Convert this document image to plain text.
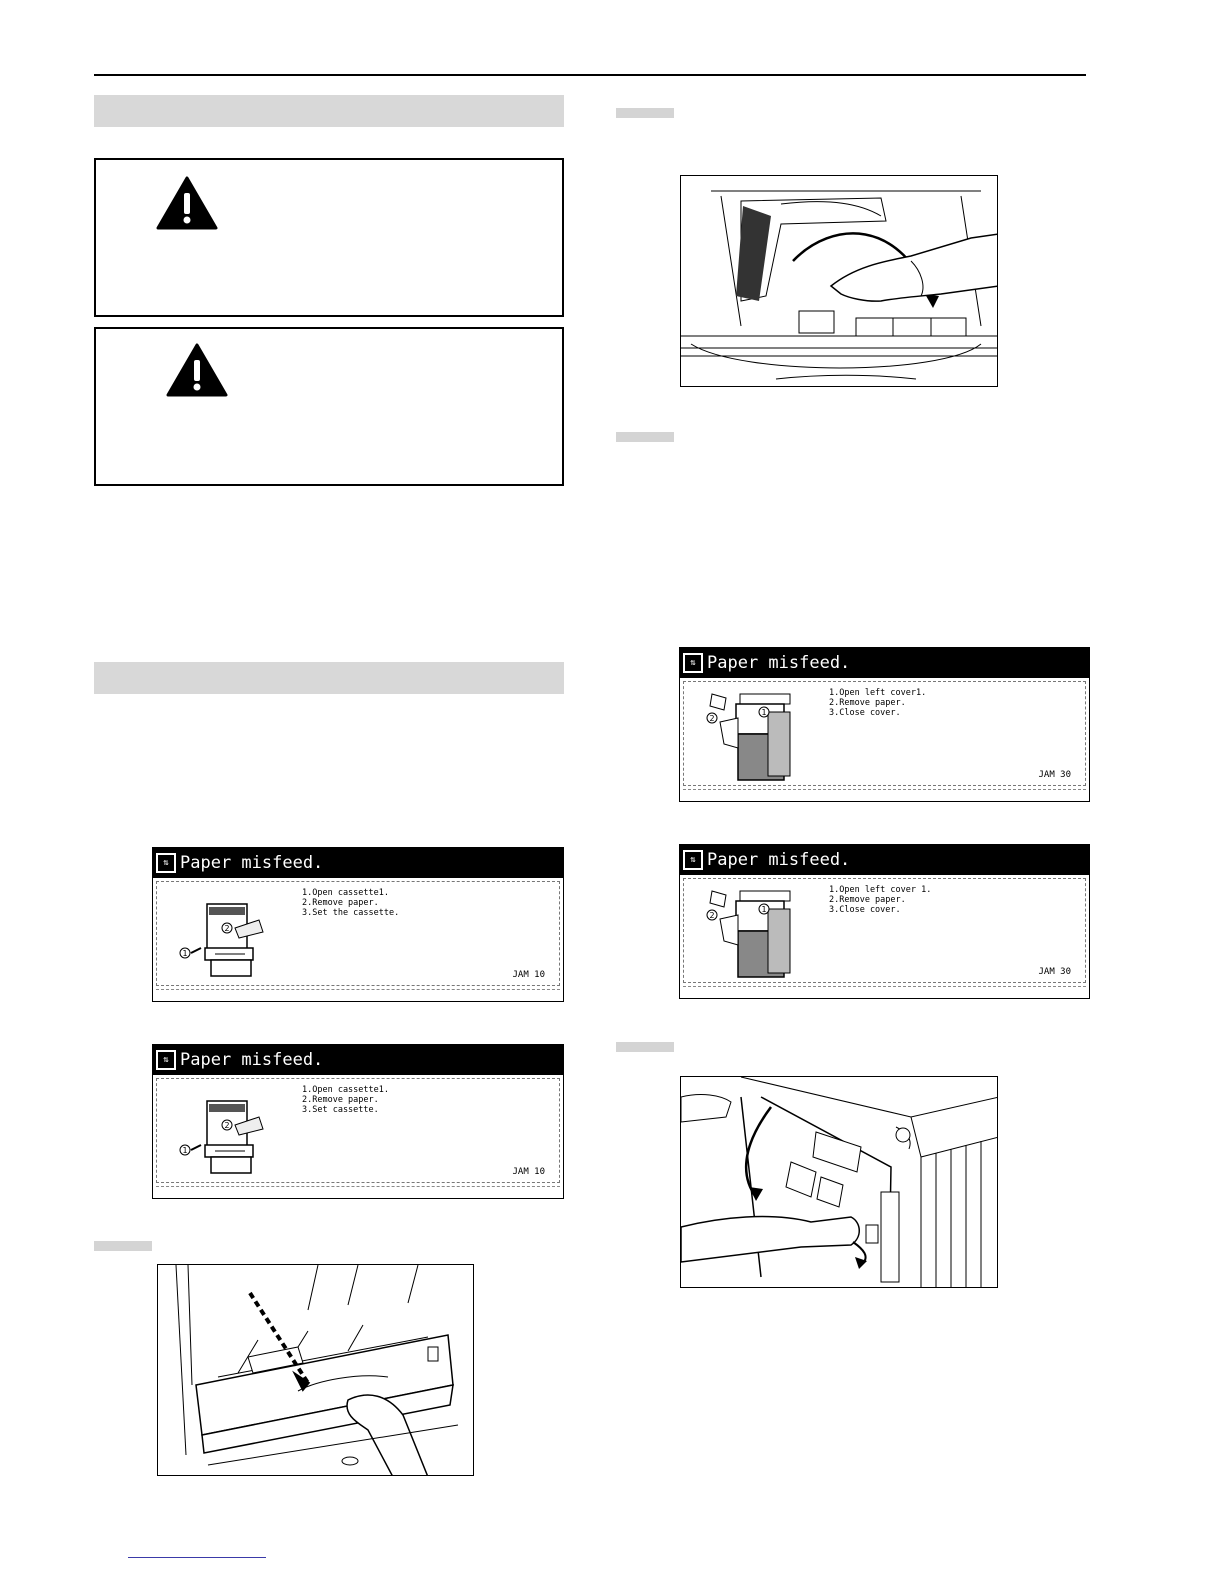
⇅ Paper misfeed.
1
2
1.Open cassette1.
2.Remove paper.
3.Set the cassette.
JAM 10
⇅ Paper misfeed.
1
2
1.Open cassette1.
2.Remove paper.
3.Set cassette.
JAM 10
⇅ Paper misfeed.
2
1
1.Open left cover1.
2.Remove paper.
3.Close cover.
JAM 30
⇅ Paper misfeed.
2
1
1.Open left cover 1.
2.Remove paper.
3.Close cover.
JAM 30
